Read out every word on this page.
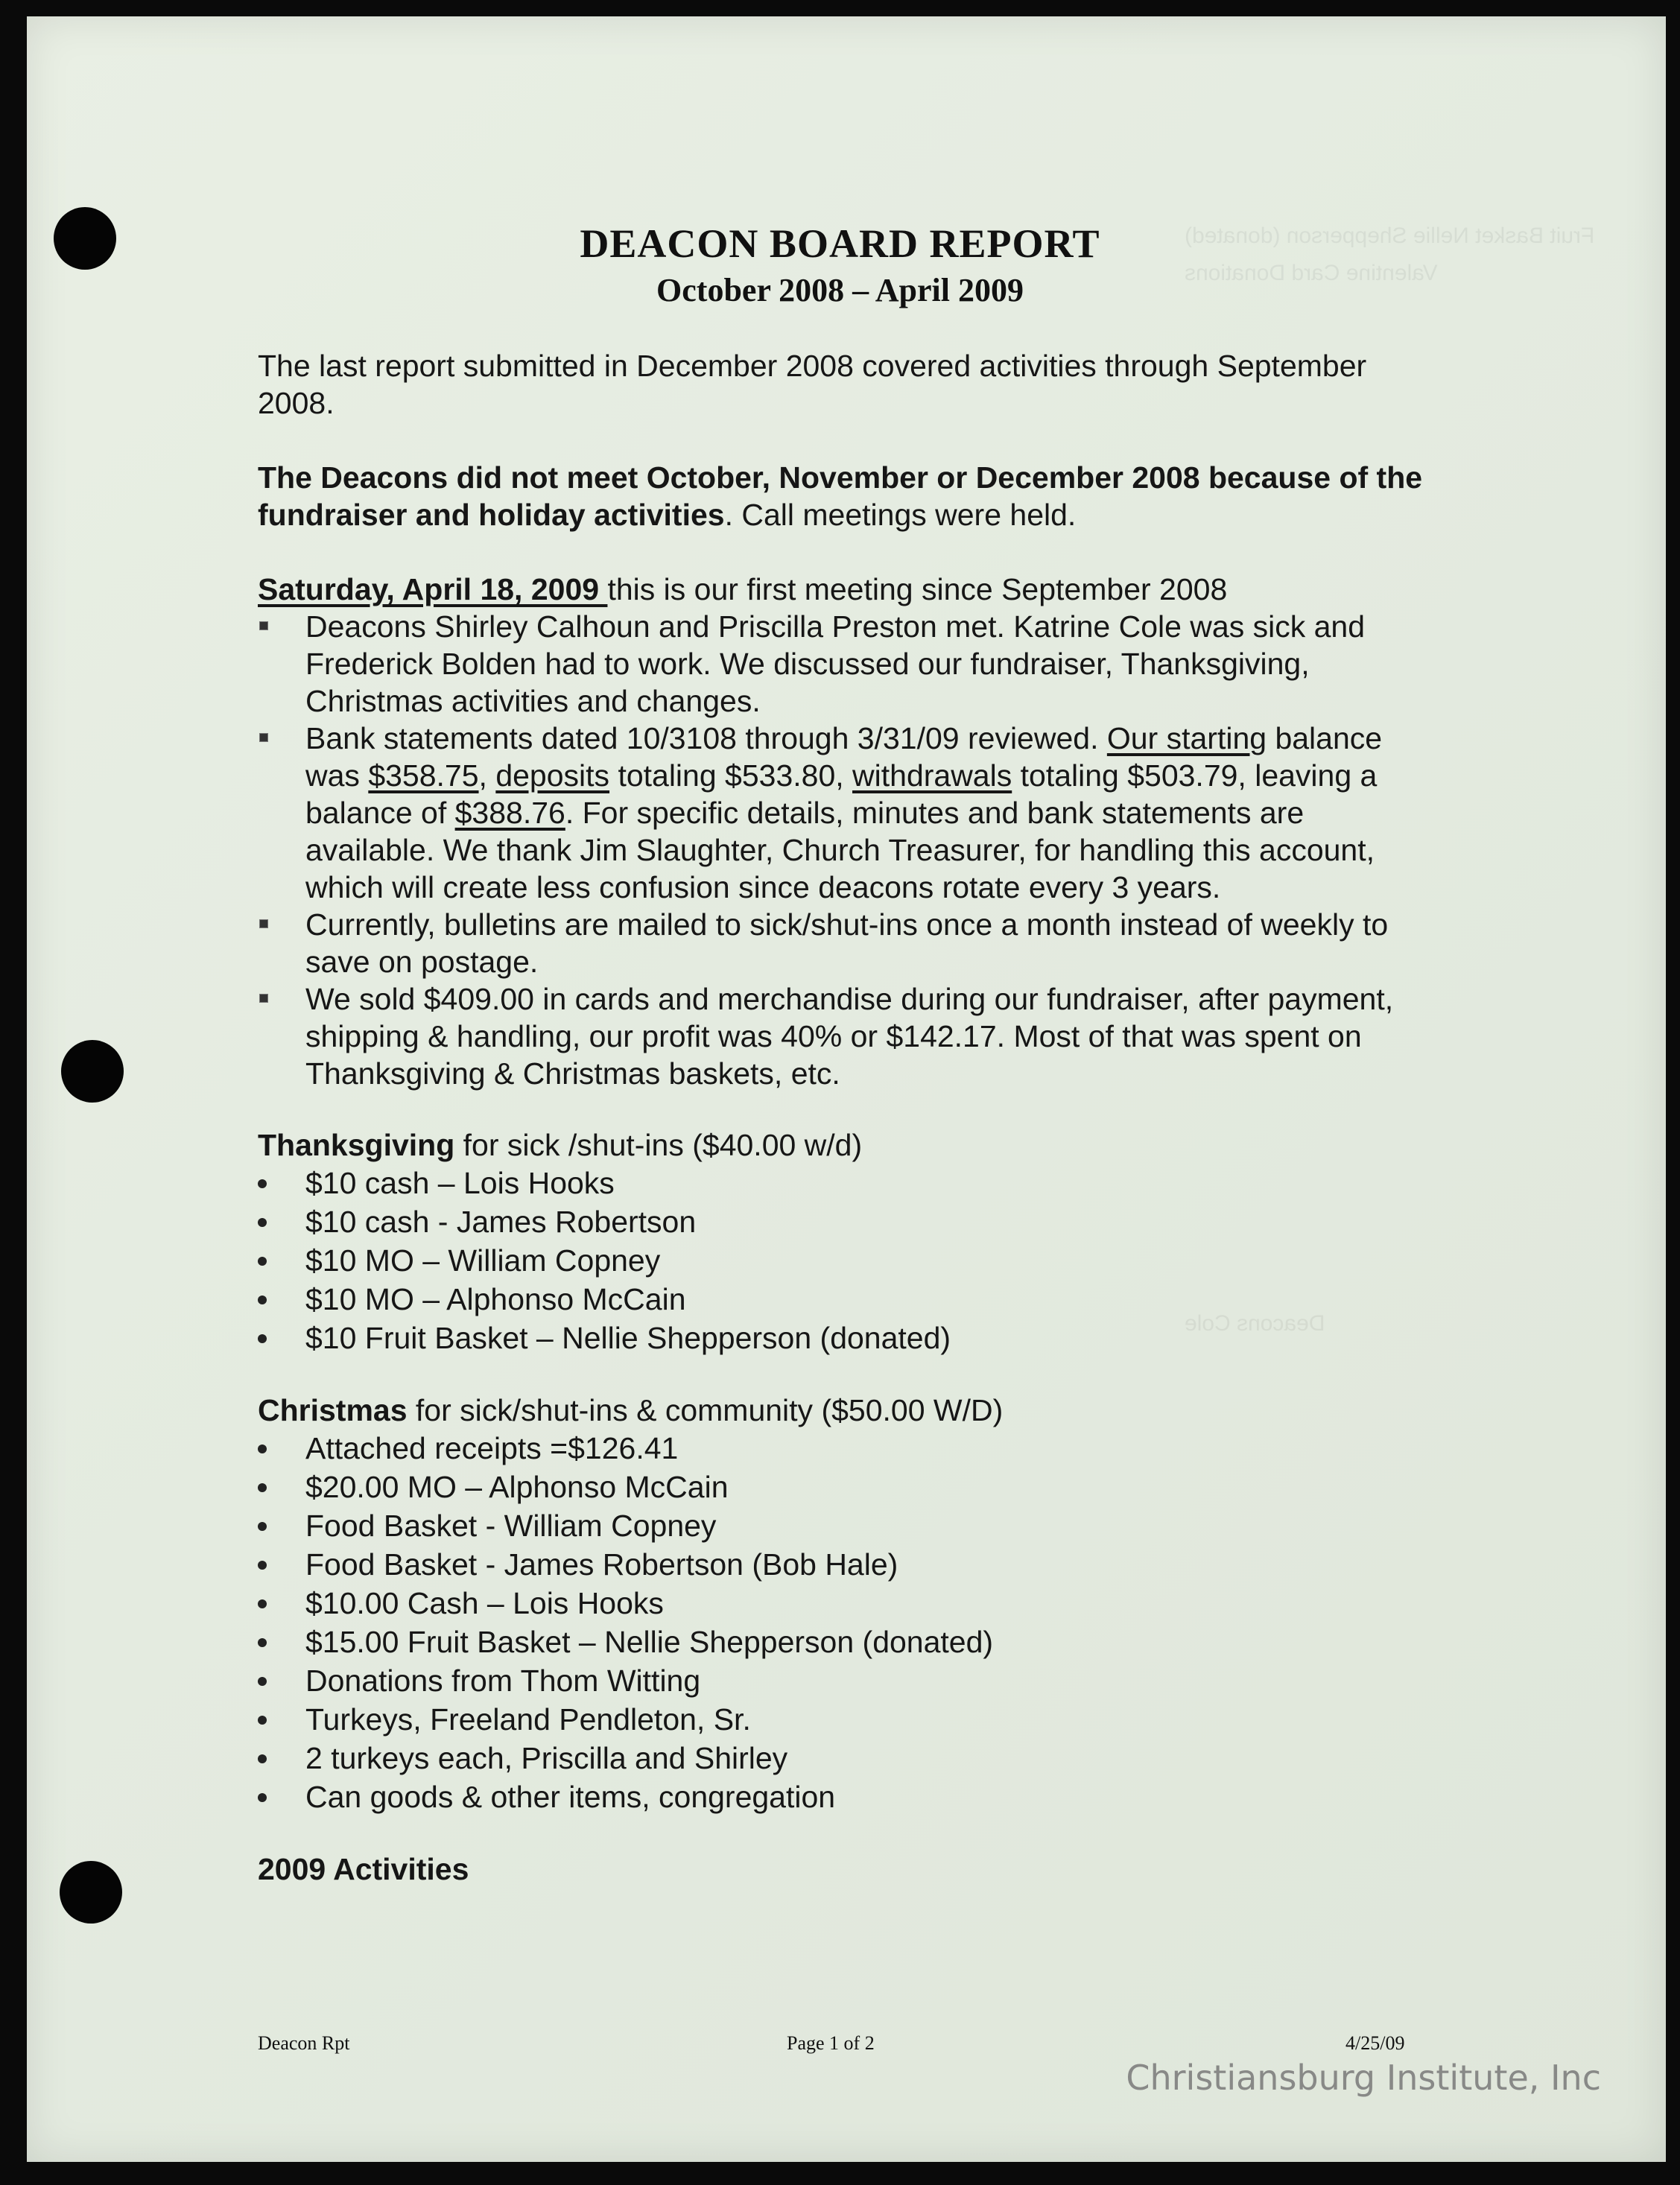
Fruit Basket Nellie Shepperson (donated)
Valentine Card Donations
Deacons Cole
DEACON BOARD REPORT
October 2008 – April 2009

The last report submitted in December 2008 covered activities through September 2008.

The Deacons did not meet October, November or December 2008 because of the fundraiser and holiday activities. Call meetings were held.

Saturday, April 18, 2009 this is our first meeting since September 2008

Deacons Shirley Calhoun and Priscilla Preston met. Katrine Cole was sick and Frederick Bolden had to work. We discussed our fundraiser, Thanksgiving, Christmas activities and changes.
Bank statements dated 10/3108 through 3/31/09 reviewed. Our starting balance was $358.75, deposits totaling $533.80, withdrawals totaling $503.79, leaving a balance of $388.76. For specific details, minutes and bank statements are available. We thank Jim Slaughter, Church Treasurer, for handling this account, which will create less confusion since deacons rotate every 3 years.
Currently, bulletins are mailed to sick/shut-ins once a month instead of weekly to save on postage.
We sold $409.00 in cards and merchandise during our fundraiser, after payment, shipping & handling, our profit was 40% or $142.17. Most of that was spent on Thanksgiving & Christmas baskets, etc.

Thanksgiving for sick /shut-ins ($40.00 w/d)

$10 cash – Lois Hooks
$10 cash - James Robertson
$10 MO – William Copney
$10 MO – Alphonso McCain
$10 Fruit Basket – Nellie Shepperson (donated)

Christmas for sick/shut-ins & community ($50.00 W/D)

Attached receipts =$126.41
$20.00 MO – Alphonso McCain
Food Basket - William Copney
Food Basket - James Robertson (Bob Hale)
$10.00 Cash – Lois Hooks
$15.00 Fruit Basket – Nellie Shepperson (donated)
Donations from Thom Witting
Turkeys, Freeland Pendleton, Sr.
2 turkeys each, Priscilla and Shirley
Can goods & other items, congregation

2009 Activities

Deacon Rpt	Page 1 of 2	4/25/09
Christiansburg Institute, Inc
